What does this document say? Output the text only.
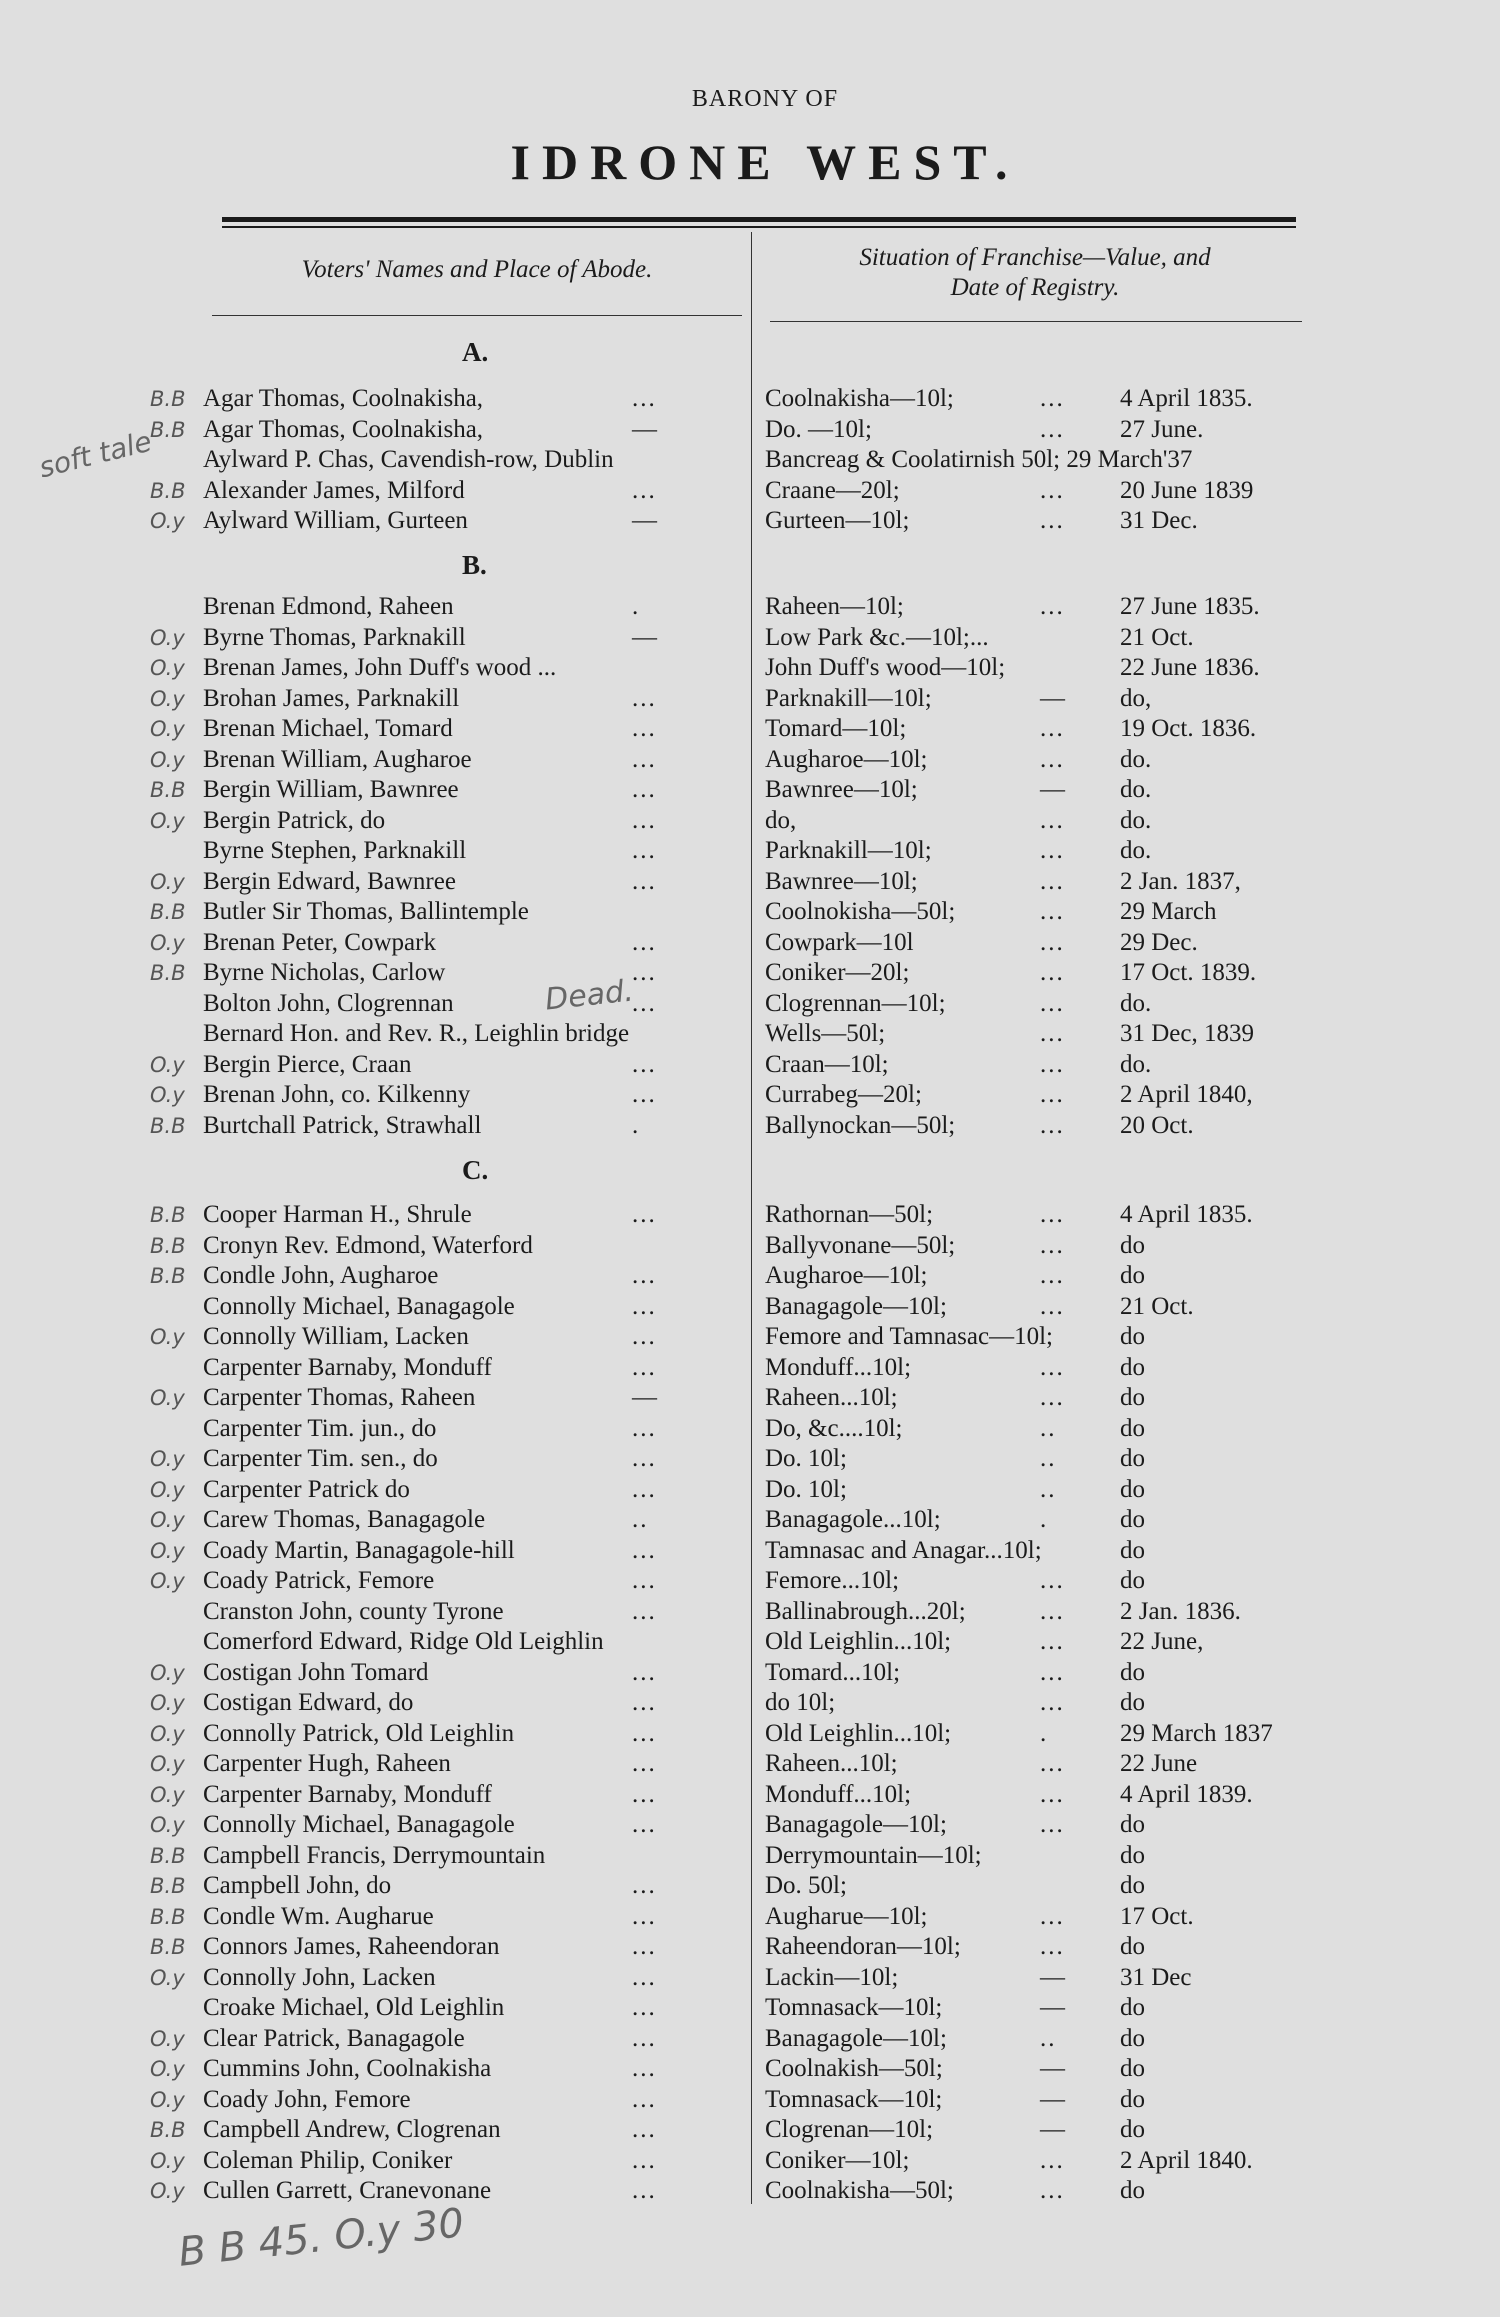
BARONY OF
IDRONE WEST.
Voters' Names and Place of Abode.	Situation of Franchise—Value, and
Date of Registry.
A.
B.B Agar Thomas, Coolnakisha,	...	Coolnakisha—10l;	... 4 April 1835.
B.B Agar Thomas, Coolnakisha,	—	Do. —10l;	... 27 June.
Aylward P. Chas, Cavendish-row, Dublin	Bancreag & Coolatirnish 50l; 29 March'37
B.B Alexander James, Milford	...	Craane—20l;	... 20 June 1839
O.y Aylward William, Gurteen	—	Gurteen—10l;	... 31 Dec.
B.
Brenan Edmond, Raheen	.	Raheen—10l;	... 27 June 1835.
O.y Byrne Thomas, Parknakill	—	Low Park &c.—10l;...	21 Oct.
O.y Brenan James, John Duff's wood ...	John Duff's wood—10l;	22 June 1836.
O.y Brohan James, Parknakill	...	Parknakill—10l;	— do,
O.y Brenan Michael, Tomard	...	Tomard—10l;	... 19 Oct. 1836.
O.y Brenan William, Augharoe	...	Augharoe—10l;	... do.
B.B Bergin William, Bawnree	...	Bawnree—10l;	— do.
O.y Bergin Patrick, do	...	do,	... do.
Byrne Stephen, Parknakill	...	Parknakill—10l;	... do.
O.y Bergin Edward, Bawnree	...	Bawnree—10l;	... 2 Jan. 1837,
B.B Butler Sir Thomas, Ballintemple	Coolnokisha—50l;	... 29 March
O.y Brenan Peter, Cowpark	...	Cowpark—10l	... 29 Dec.
B.B Byrne Nicholas, Carlow	...	Coniker—20l;	... 17 Oct. 1839.
Bolton John, Clogrennan	...	Clogrennan—10l;	... do.
Bernard Hon. and Rev. R., Leighlin bridge	Wells—50l;	... 31 Dec, 1839
O.y Bergin Pierce, Craan	...	Craan—10l;	... do.
O.y Brenan John, co. Kilkenny	...	Currabeg—20l;	... 2 April 1840,
B.B Burtchall Patrick, Strawhall	.	Ballynockan—50l;	... 20 Oct.
C.
B.B Cooper Harman H., Shrule	...	Rathornan—50l;	... 4 April 1835.
B.B Cronyn Rev. Edmond, Waterford	Ballyvonane—50l;	... do
B.B Condle John, Augharoe	...	Augharoe—10l;	... do
Connolly Michael, Banagagole	...	Banagagole—10l;	... 21 Oct.
O.y Connolly William, Lacken	...	Femore and Tamnasac—10l;	do
Carpenter Barnaby, Monduff	...	Monduff...10l;	... do
O.y Carpenter Thomas, Raheen	—	Raheen...10l;	... do
Carpenter Tim. jun., do	...	Do, &c....10l;	..	do
O.y Carpenter Tim. sen., do	...	Do. 10l;	..	do
O.y Carpenter Patrick do	...	Do. 10l;	..	do
O.y Carew Thomas, Banagagole	..	Banagagole...10l;	.	do
O.y Coady Martin, Banagagole-hill	...	Tamnasac and Anagar...10l;	do
O.y Coady Patrick, Femore	...	Femore...10l;	... do
Cranston John, county Tyrone	...	Ballinabrough...20l;	... 2 Jan. 1836.
Comerford Edward, Ridge Old Leighlin	Old Leighlin...10l;	... 22 June,
O.y Costigan John Tomard	...	Tomard...10l;	... do
O.y Costigan Edward, do	...	do 10l;	... do
O.y Connolly Patrick, Old Leighlin	...	Old Leighlin...10l;	.	29 March 1837
O.y Carpenter Hugh, Raheen	...	Raheen...10l;	... 22 June
O.y Carpenter Barnaby, Monduff	...	Monduff...10l;	... 4 April 1839.
O.y Connolly Michael, Banagagole	...	Banagagole—10l;	... do
B.B Campbell Francis, Derrymountain	Derrymountain—10l;	do
B.B Campbell John, do	...	Do. 50l;	do
B.B Condle Wm. Augharue	...	Augharue—10l;	... 17 Oct.
B.B Connors James, Raheendoran	...	Raheendoran—10l;	... do
O.y Connolly John, Lacken	...	Lackin—10l;	— 31 Dec
Croake Michael, Old Leighlin	...	Tomnasack—10l;	— do
O.y Clear Patrick, Banagagole	...	Banagagole—10l;	..	do
O.y Cummins John, Coolnakisha	...	Coolnakish—50l;	— do
O.y Coady John, Femore	...	Tomnasack—10l;	— do
B.B Campbell Andrew, Clogrenan	...	Clogrenan—10l;	— do
O.y Coleman Philip, Coniker	...	Coniker—10l;	... 2 April 1840.
O.y Cullen Garrett, Cranevonane	...	Coolnakisha—50l;	... do
soft tale
Dead.
B B 45. O.y 30
